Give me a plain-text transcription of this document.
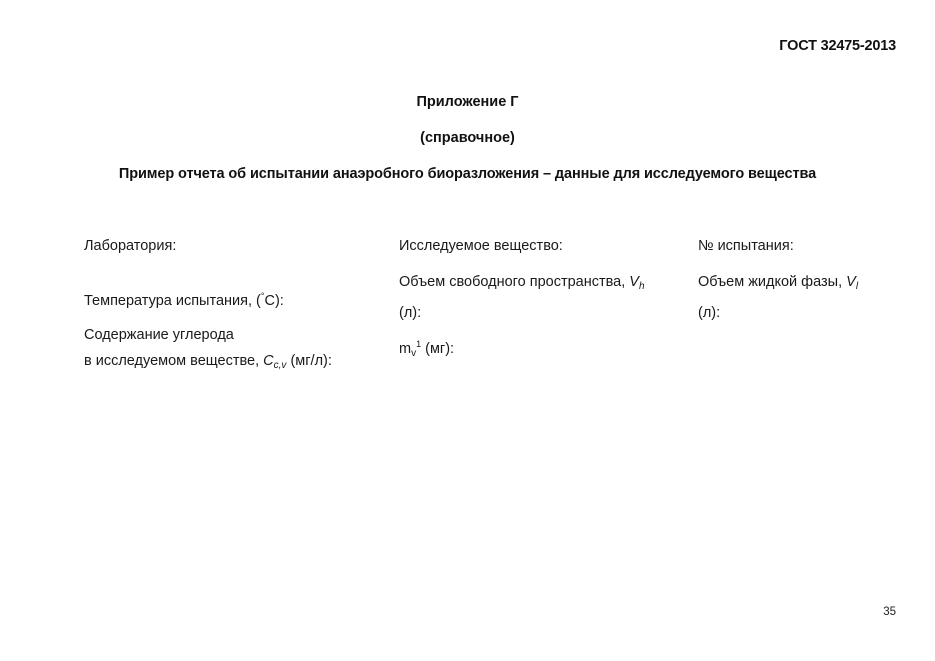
ГОСТ 32475-2013
Приложение Г
(справочное)
Пример отчета об испытании анаэробного биоразложения – данные для исследуемого вещества
Лаборатория:	Исследуемое вещество:	№ испытания:
Температура испытания, (°С):
Объем свободного пространства, $V_h$
(л):
Объем жидкой фазы, $V_l$
(л):
Содержание углерода
в исследуемом веществе, $C_{c,v}$ (мг/л):
$m_v^1$ (мг):
35
